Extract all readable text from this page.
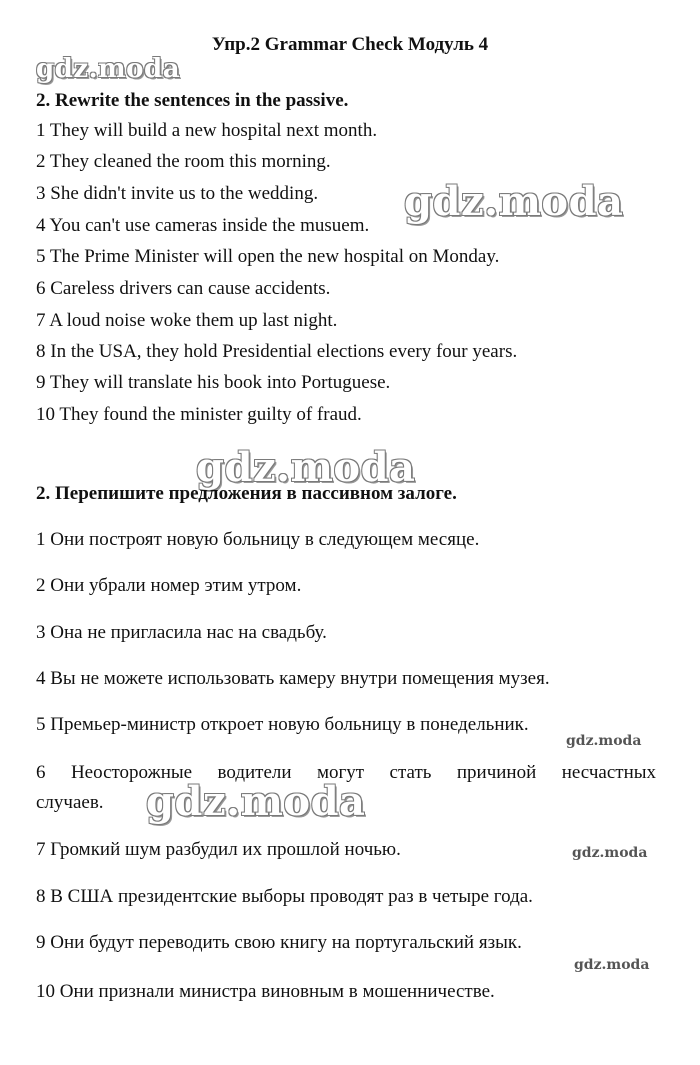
Упр.2 Grammar Check Модуль 4
gdz.moda
gdz.moda
gdz.moda
gdz.moda
gdz.moda
gdz.moda
gdz.moda
2. Rewrite the sentences in the passive.
1 They will build a new hospital next month.
2 They cleaned the room this morning.
3 She didn't invite us to the wedding.
4 You can't use cameras inside the musuem.
5 The Prime Minister will open the new hospital on Monday.
6 Careless drivers can cause accidents.
7 A loud noise woke them up last night.
8 In the USA, they hold Presidential elections every four years.
9 They will translate his book into Portuguese.
10 They found the minister guilty of fraud.
2. Перепишите предложения в пассивном залоге.
1 Они построят новую больницу в следующем месяце.
2 Они убрали номер этим утром.
3 Она не пригласила нас на свадьбу.
4 Вы не можете использовать камеру внутри помещения музея.
5 Премьер-министр откроет новую больницу в понедельник.
6 Неосторожные водители могут стать причиной несчастных
случаев.
7 Громкий шум разбудил их прошлой ночью.
8 В США президентские выборы проводят раз в четыре года.
9 Они будут переводить свою книгу на португальский язык.
10 Они признали министра виновным в мошенничестве.
